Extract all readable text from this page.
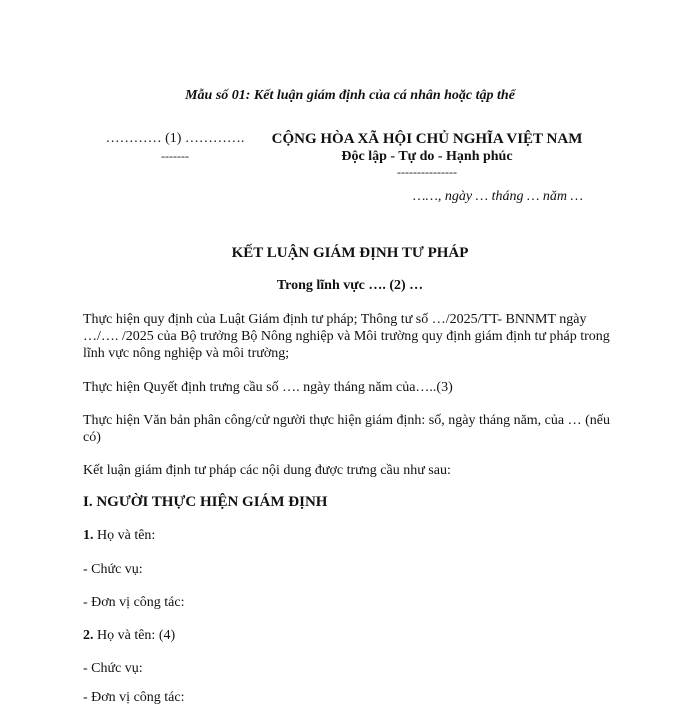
Mẫu số 01: Kết luận giám định của cá nhân hoặc tập thể
………… (1) ………….
-------
CỘNG HÒA XÃ HỘI CHỦ NGHĨA VIỆT NAM
Độc lập - Tự do - Hạnh phúc
---------------
……, ngày … tháng … năm …
KẾT LUẬN GIÁM ĐỊNH TƯ PHÁP
Trong lĩnh vực …. (2) …
Thực hiện quy định của Luật Giám định tư pháp; Thông tư số …/2025/TT- BNNMT ngày …/…. /2025 của Bộ trưởng Bộ Nông nghiệp và Môi trường quy định giám định tư pháp trong lĩnh vực nông nghiệp và môi trường;
Thực hiện Quyết định trưng cầu số …. ngày tháng năm của…..(3)
Thực hiện Văn bản phân công/cử người thực hiện giám định: số, ngày tháng năm, của … (nếu có)
Kết luận giám định tư pháp các nội dung được trưng cầu như sau:
I. NGƯỜI THỰC HIỆN GIÁM ĐỊNH
1. Họ và tên:
- Chức vụ:
- Đơn vị công tác:
2. Họ và tên: (4)
- Chức vụ:
- Đơn vị công tác:
